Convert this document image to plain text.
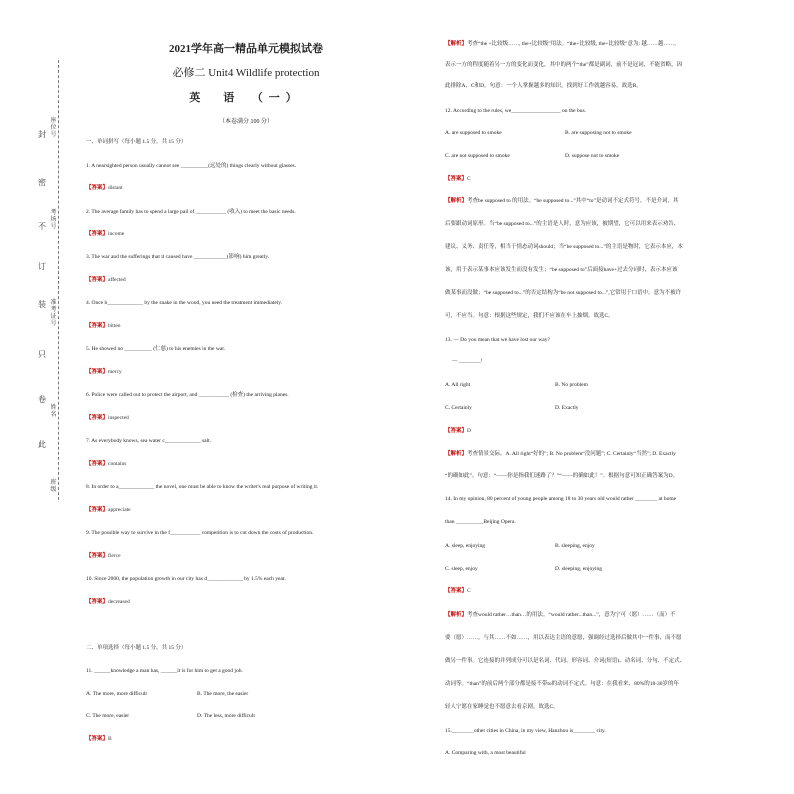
封
密
不
订
装
只
卷
此
座位号
考场号
准考证号
姓名
班级
2021学年高一精品单元模拟试卷
必修二 Unit4 Wildlife protection
英　语　（一）
（本卷满分 100 分）
一、单词拼写（每小题 1.5 分，共 15 分）
1. A nearsighted person usually cannot see __________(远处的) things clearly without glasses.
【答案】distant
2. The average family has to spend a large pail of ___________ (收入) to meet the basic needs.
【答案】income
3. The war and the sufferings that it caused have ____________(影响) him greatly.
【答案】affected
4. Once b_____________ by the snake in the wood, you need the treatment immediately.
【答案】bitten
5. He showed no __________ (仁慈) to his enemies in the war.
【答案】mercy
6. Police were called out to protect the airport, and ___________ (检查) the arriving planes.
【答案】inspected
7. As everybody knows, sea water c_____________ salt.
【答案】contains
8. In order to a_____________ the novel, one must be able to know the writer's real purpose of writing it.
【答案】appreciate
9. The possible way to survive in the f___________ competition is to cut down the costs of production.
【答案】fierce
10. Since 2000, the population growth in our city has d_____________ by 1.5% each year.
【答案】decreased
二、单项选择（每小题 1.5 分，共 15 分）
11. ______knowledge a man has, ______it is for him to get a good job.
A. The more, more difficult	B. The more, the easier
C. The more, easier	D. The less, more difficult
【答案】B
【解析】考查“the +比较级……, the+比较级”用法。“the+比较级, the+比较级”意为: 越……越……,
表示一方的程度随着另一方的变化而变化，其中的两个“the”都是副词，前不是冠词，不能省略，因
此排除A、C和D。句意：一个人掌握越多的知识，找到好工作就越容易。故选B。
12. According to the rules, we__________________ on the bus.
A. are supposed to smoke	B. are supposing not to smoke
C. are not supposed to smoke	D. suppose not to smoke
【答案】C
【解析】考查be supposed to 的用法。“be supposed to...”其中“to”是动词不定式符号，不是介词，其
后要跟动词原形。当“be supposed to...”的主语是人时，意为应该，被期望，它可以用来表示劝告、
建议、义务、责任等，相当于情态动词should；当“be supposed to...”的主语是物时，它表示本应，本
该，用于表示某事本应该发生而没有发生；“be supposed to”后面接have+过去分词时，表示本应该
做某事而没做；“be supposed to...”的否定结构为“be not supposed to...”,它常用于口语中，意为不被许
可，不应当。句意：根据这些规定，我们不应该在车上抽烟。故选C。
13. — Do you mean that we have lost our way?
— ________!
A. All right	B. No problem
C. Certainly	D. Exactly
【答案】D
【解析】考查情景交际。A. All right“好的”; B. No problem“没问题”; C. Certainly“当然”; D. Exactly
“的确如此”。句意：“——你是指我们迷路了？”“——的确如此！”。根据句意可知正确答案为D。
14. In my opinion, 80 percent of young people among 18 to 30 years old would rather ________ at home
than __________Beijing Opera.
A. sleep, enjoying	B. sleeping, enjoy
C. sleep, enjoy	D. sleeping, enjoying
【答案】C
【解析】考查would rather…than…的用法。“would rather...than...”，意为宁可（愿）……（而）不
要（愿）……，与其……不如……，用以表达主语的意愿，强调经过选择后做其中一件事，而不愿
做另一件事。它连接的并列成分可以是名词、代词、形容词、介词(短语)、动名词、分句、不定式、
动词等。“than”的前后两个部分都是接不带to的动词不定式。句意：在我看来，80%的18-30岁的年
轻人宁愿在家睡觉也不愿意去看京剧。故选C。
15.________other cities in China, in my view, Hanzhou is________ city.
A. Comparing with, a most beautiful
